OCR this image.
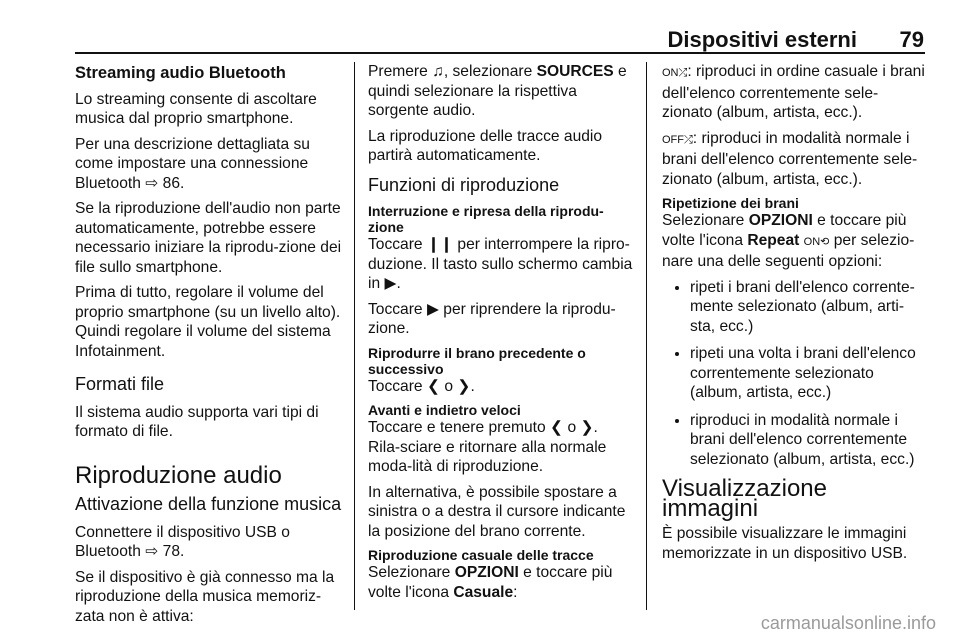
Dispositivi esterni 79
Streaming audio Bluetooth

Lo streaming consente di ascoltare musica dal proprio smartphone.

Per una descrizione dettagliata su come impostare una connessione Bluetooth ⇨ 86.

Se la riproduzione dell'audio non parte automaticamente, potrebbe essere necessario iniziare la riprodu-zione dei file sullo smartphone.

Prima di tutto, regolare il volume del proprio smartphone (su un livello alto). Quindi regolare il volume del sistema Infotainment.

Formati file

Il sistema audio supporta vari tipi di formato di file.

Riproduzione audio
Attivazione della funzione musica

Connettere il dispositivo USB o Bluetooth ⇨ 78.

Se il dispositivo è già connesso ma la riproduzione della musica memoriz-zata non è attiva:

Premere ♫, selezionare SOURCES e quindi selezionare la rispettiva sorgente audio.

La riproduzione delle tracce audio partirà automaticamente.

Funzioni di riproduzione
Interruzione e ripresa della riprodu-zione

Toccare ❙❙ per interrompere la ripro-duzione. Il tasto sullo schermo cambia in ▶.

Toccare ▶ per riprendere la riprodu-zione.

Riprodurre il brano precedente o successivo

Toccare ❮ o ❯.

Avanti e indietro veloci

Toccare e tenere premuto ❮ o ❯. Rila-sciare e ritornare alla normale moda-lità di riproduzione.

In alternativa, è possibile spostare a sinistra o a destra il cursore indicante la posizione del brano corrente.

Riproduzione casuale delle tracce

Selezionare OPZIONI e toccare più volte l'icona Casuale:

ON⤮: riproduci in ordine casuale i brani dell'elenco correntemente sele-zionato (album, artista, ecc.).

OFF⤮: riproduci in modalità normale i brani dell'elenco correntemente sele-zionato (album, artista, ecc.).

Ripetizione dei brani

Selezionare OPZIONI e toccare più volte l'icona Repeat ON⟲ per selezio-nare una delle seguenti opzioni:

• ripeti i brani dell'elenco corrente-mente selezionato (album, arti-sta, ecc.)
• ripeti una volta i brani dell'elenco correntemente selezionato (album, artista, ecc.)
• riproduci in modalità normale i brani dell'elenco correntemente selezionato (album, artista, ecc.)
Visualizzazione immagini

È possibile visualizzare le immagini memorizzate in un dispositivo USB.

carmanualsonline.info
